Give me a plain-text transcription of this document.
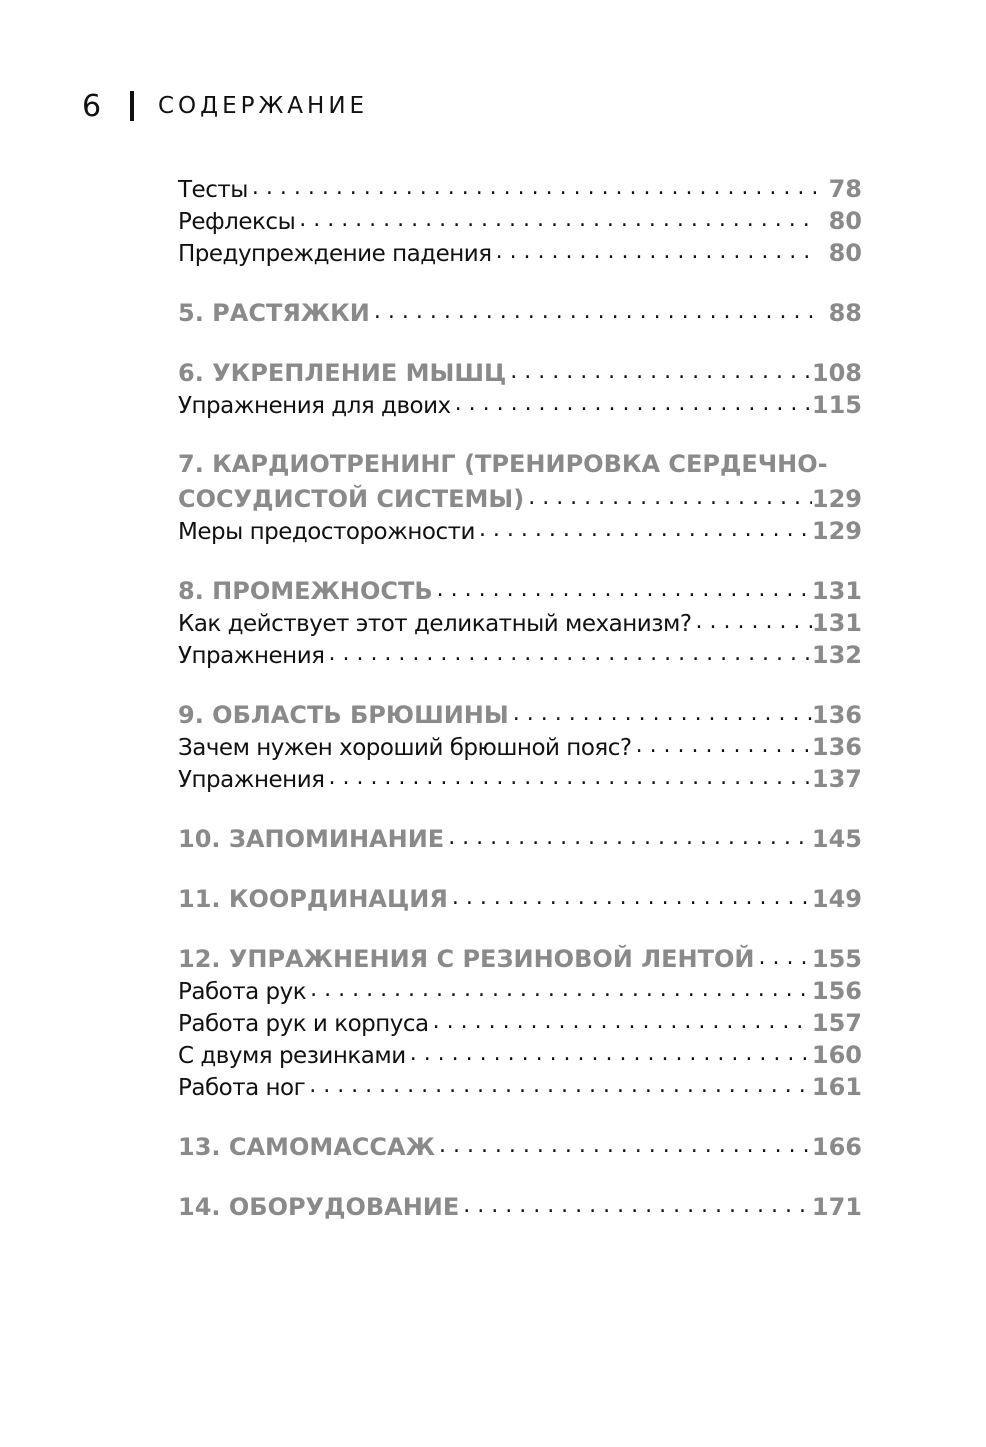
6	СОДЕРЖАНИЕ
Тесты . . .	78
Рефлексы . . .	80
Предупреждение падения . . .	80
5. РАСТЯЖКИ . . .	88
6. УКРЕПЛЕНИЕ МЫШЦ . . .	108
Упражнения для двоих . . .	115
7. КАРДИОТРЕНИНГ (ТРЕНИРОВКА СЕРДЕЧНО-
СОСУДИСТОЙ СИСТЕМЫ) . . .	129
Меры предосторожности . . .	129
8. ПРОМЕЖНОСТЬ . . .	131
Как действует этот деликатный механизм? . . .	131
Упражнения . . .	132
9. ОБЛАСТЬ БРЮШИНЫ . . .	136
Зачем нужен хороший брюшной пояс? . . .	136
Упражнения . . .	137
10. ЗАПОМИНАНИЕ . . .	145
11. КООРДИНАЦИЯ . . .	149
12. УПРАЖНЕНИЯ С РЕЗИНОВОЙ ЛЕНТОЙ . . . 155
Работа рук . . .	156
Работа рук и корпуса . . .	157
С двумя резинками . . .	160
Работа ног . . .	161
13. САМОМАССАЖ . . .	166
14. ОБОРУДОВАНИЕ . . .	171
